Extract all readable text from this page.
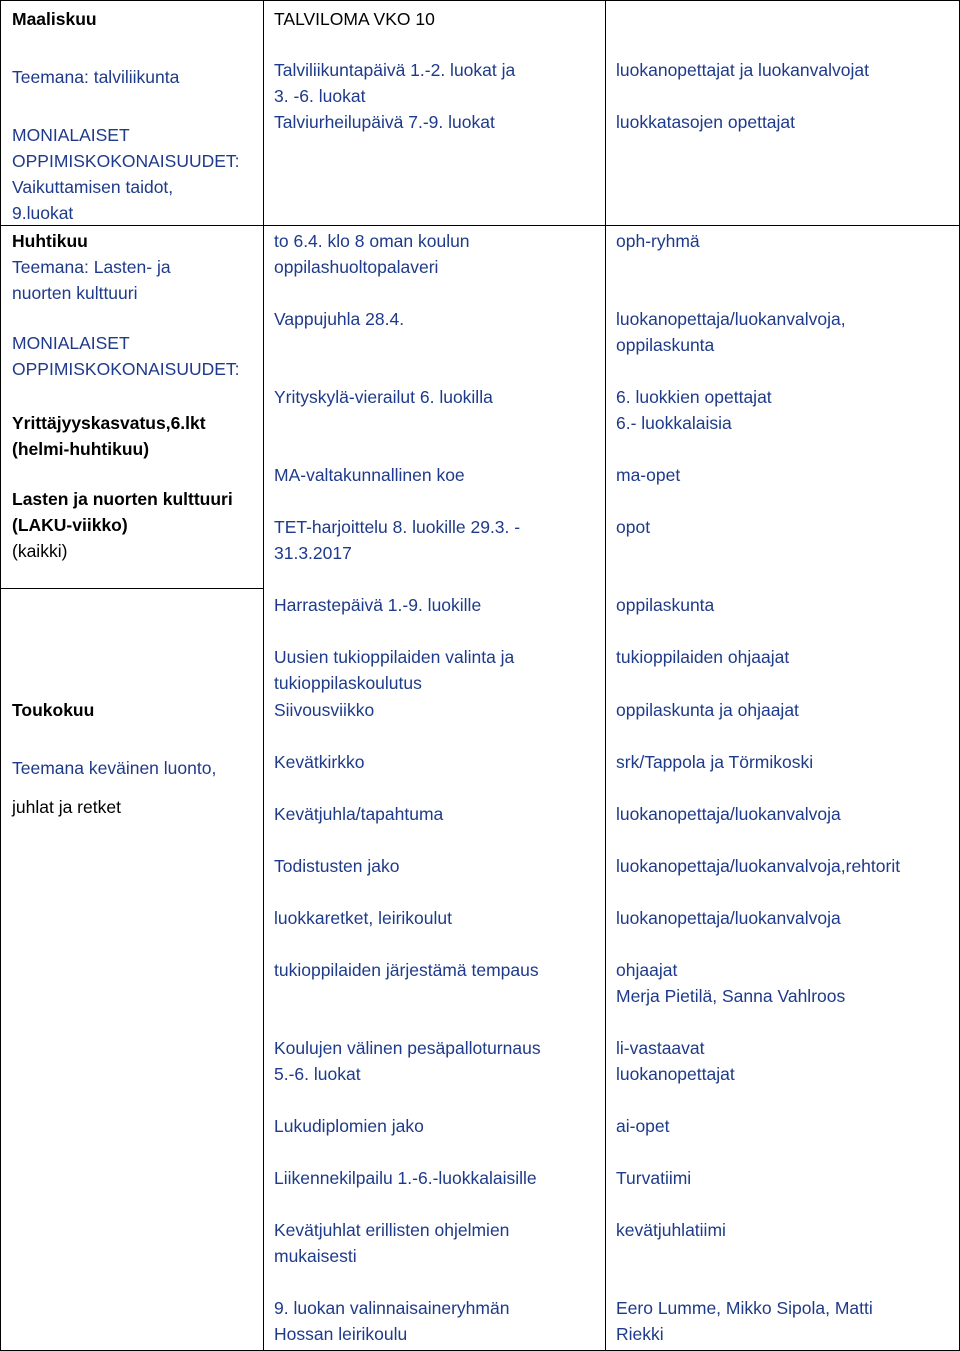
Maaliskuu
Teemana: talviliikunta
MONIALAISET
OPPIMISKOKONAISUUDET:
Vaikuttamisen taidot,
9.luokat
Huhtikuu
Teemana: Lasten- ja
nuorten kulttuuri
MONIALAISET
OPPIMISKOKONAISUUDET:
Yrittäjyyskasvatus,6.lkt
(helmi-huhtikuu)
Lasten ja nuorten kulttuuri
(LAKU-viikko)
(kaikki)
Toukokuu
Teemana keväinen luonto,
juhlat ja retket
TALVILOMA VKO 10
Talviliikuntapäivä 1.-2. luokat ja
3. -6. luokat
Talviurheilupäivä 7.-9. luokat
to 6.4. klo 8 oman koulun
oppilashuoltopalaveri
Vappujuhla 28.4.
Yrityskylä-vierailut 6. luokilla
MA-valtakunnallinen koe
TET-harjoittelu 8. luokille 29.3. -
31.3.2017
Harrastepäivä 1.-9. luokille
Uusien tukioppilaiden valinta ja
tukioppilaskoulutus
Siivousviikko
Kevätkirkko
Kevätjuhla/tapahtuma
Todistusten jako
luokkaretket, leirikoulut
tukioppilaiden järjestämä tempaus
Koulujen välinen pesäpalloturnaus
5.-6. luokat
Lukudiplomien jako
Liikennekilpailu 1.-6.-luokkalaisille
Kevätjuhlat erillisten ohjelmien
mukaisesti
9. luokan valinnaisaineryhmän
Hossan leirikoulu
luokanopettajat ja luokanvalvojat
luokkatasojen opettajat
oph-ryhmä
luokanopettaja/luokanvalvoja,
oppilaskunta
6. luokkien opettajat
6.- luokkalaisia
ma-opet
opot
oppilaskunta
tukioppilaiden ohjaajat
oppilaskunta ja ohjaajat
srk/Tappola ja Törmikoski
luokanopettaja/luokanvalvoja
luokanopettaja/luokanvalvoja,rehtorit
luokanopettaja/luokanvalvoja
ohjaajat
Merja Pietilä, Sanna Vahlroos
li-vastaavat
luokanopettajat
ai-opet
Turvatiimi
kevätjuhlatiimi
Eero Lumme, Mikko Sipola, Matti
Riekki
